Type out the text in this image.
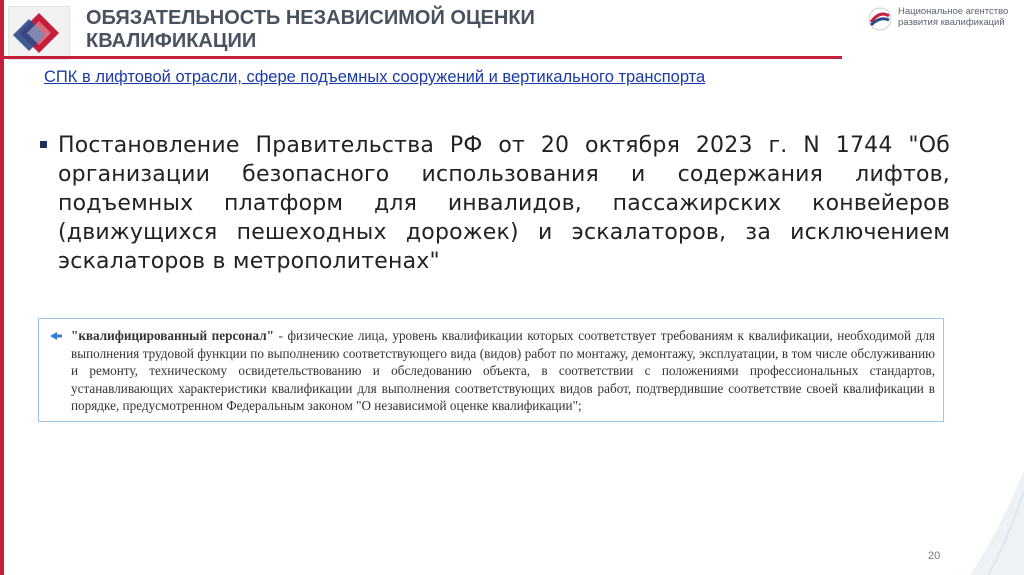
ОБЯЗАТЕЛЬНОСТЬ НЕЗАВИСИМОЙ ОЦЕНКИ КВАЛИФИКАЦИИ
Национальное агентство
развития квалификаций
СПК в лифтовой отрасли, сфере подъемных сооружений и вертикального транспорта

Постановление Правительства РФ от 20 октября 2023 г. N 1744 "Об организации безопасного использования и содержания лифтов, подъемных платформ для инвалидов, пассажирских конвейеров (движущихся пешеходных дорожек) и эскалаторов, за исключением эскалаторов в метрополитенах"

"квалифицированный персонал" - физические лица, уровень квалификации которых соответствует требованиям к квалификации, необходимой для выполнения трудовой функции по выполнению соответствующего вида (видов) работ по монтажу, демонтажу, эксплуатации, в том числе обслуживанию и ремонту, техническому освидетельствованию и обследованию объекта, в соответствии с положениями профессиональных стандартов, устанавливающих характеристики квалификации для выполнения соответствующих видов работ, подтвердившие соответствие своей квалификации в порядке, предусмотренном Федеральным законом "О независимой оценке квалификации";

20
